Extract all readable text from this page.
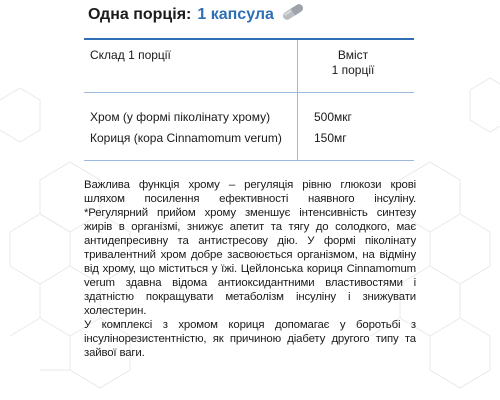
Одна порція: 1 капсула
Склад 1 порції	Вміст
1 порції
Хром (у формі піколінату хрому)	500мкг
Кориця (кора Cinnamomum verum)	150мг

Важлива функція хрому – регуляція рівню глюкози крові шляхом посилення ефективності наявного інсуліну. *Регулярний прийом хрому зменшує інтенсивність синтезу жирів в організмі, знижує апетит та тягу до солодкого, має антидепресивну та антистресову дію. У формі піколінату тривалентний хром добре засвоюється організмом, на відміну від хрому, що міститься у їжі. Цейлонська кориця Cinnamomum verum здавна відома антиоксидантними властивостями і здатністю покращувати метаболізм інсуліну і знижувати холестерин.

У комплексі з хромом кориця допомагає у боротьбі з інсулінорезистентністю, як причиною діабету другого типу та зайвої ваги.
